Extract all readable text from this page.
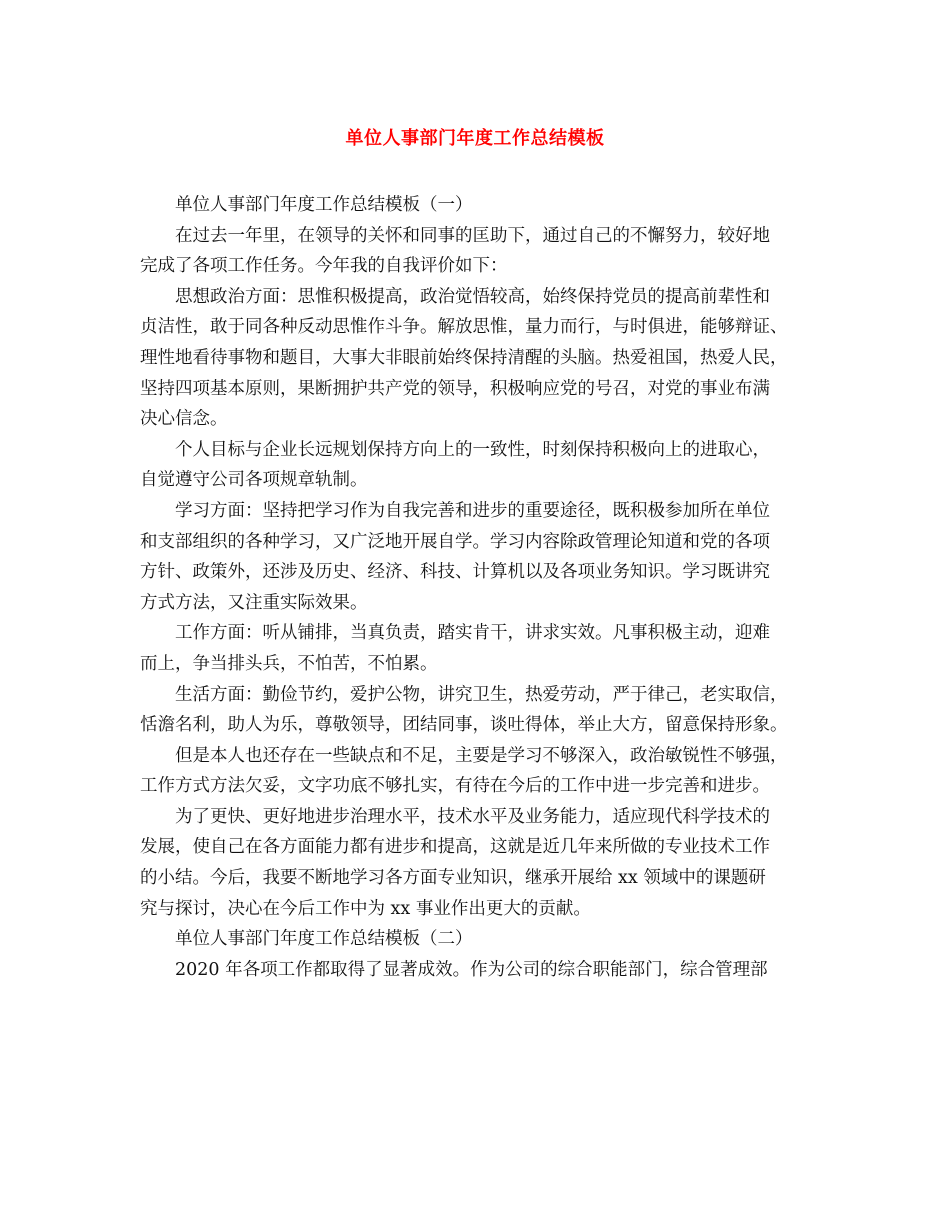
单位人事部门年度工作总结模板

单位人事部门年度工作总结模板（一）

在过去一年里，在领导的关怀和同事的匡助下，通过自己的不懈努力，较好地
完成了各项工作任务。今年我的自我评价如下：

思想政治方面：思惟积极提高，政治觉悟较高，始终保持党员的提高前辈性和
贞洁性，敢于同各种反动思惟作斗争。解放思惟，量力而行，与时俱进，能够辩证、
理性地看待事物和题目，大事大非眼前始终保持清醒的头脑。热爱祖国，热爱人民，
坚持四项基本原则，果断拥护共产党的领导，积极响应党的号召，对党的事业布满
决心信念。

个人目标与企业长远规划保持方向上的一致性，时刻保持积极向上的进取心，
自觉遵守公司各项规章轨制。

学习方面：坚持把学习作为自我完善和进步的重要途径，既积极参加所在单位
和支部组织的各种学习，又广泛地开展自学。学习内容除政管理论知道和党的各项
方针、政策外，还涉及历史、经济、科技、计算机以及各项业务知识。学习既讲究
方式方法，又注重实际效果。

工作方面：听从铺排，当真负责，踏实肯干，讲求实效。凡事积极主动，迎难
而上，争当排头兵，不怕苦，不怕累。

生活方面：勤俭节约，爱护公物，讲究卫生，热爱劳动，严于律己，老实取信，
恬澹名利，助人为乐，尊敬领导，团结同事，谈吐得体，举止大方，留意保持形象。

但是本人也还存在一些缺点和不足，主要是学习不够深入，政治敏锐性不够强，
工作方式方法欠妥，文字功底不够扎实，有待在今后的工作中进一步完善和进步。

为了更快、更好地进步治理水平，技术水平及业务能力，适应现代科学技术的
发展，使自己在各方面能力都有进步和提高，这就是近几年来所做的专业技术工作
的小结。今后，我要不断地学习各方面专业知识，继承开展给 xx 领域中的课题研
究与探讨，决心在今后工作中为 xx 事业作出更大的贡献。

单位人事部门年度工作总结模板（二）

2020 年各项工作都取得了显著成效。作为公司的综合职能部门，综合管理部
